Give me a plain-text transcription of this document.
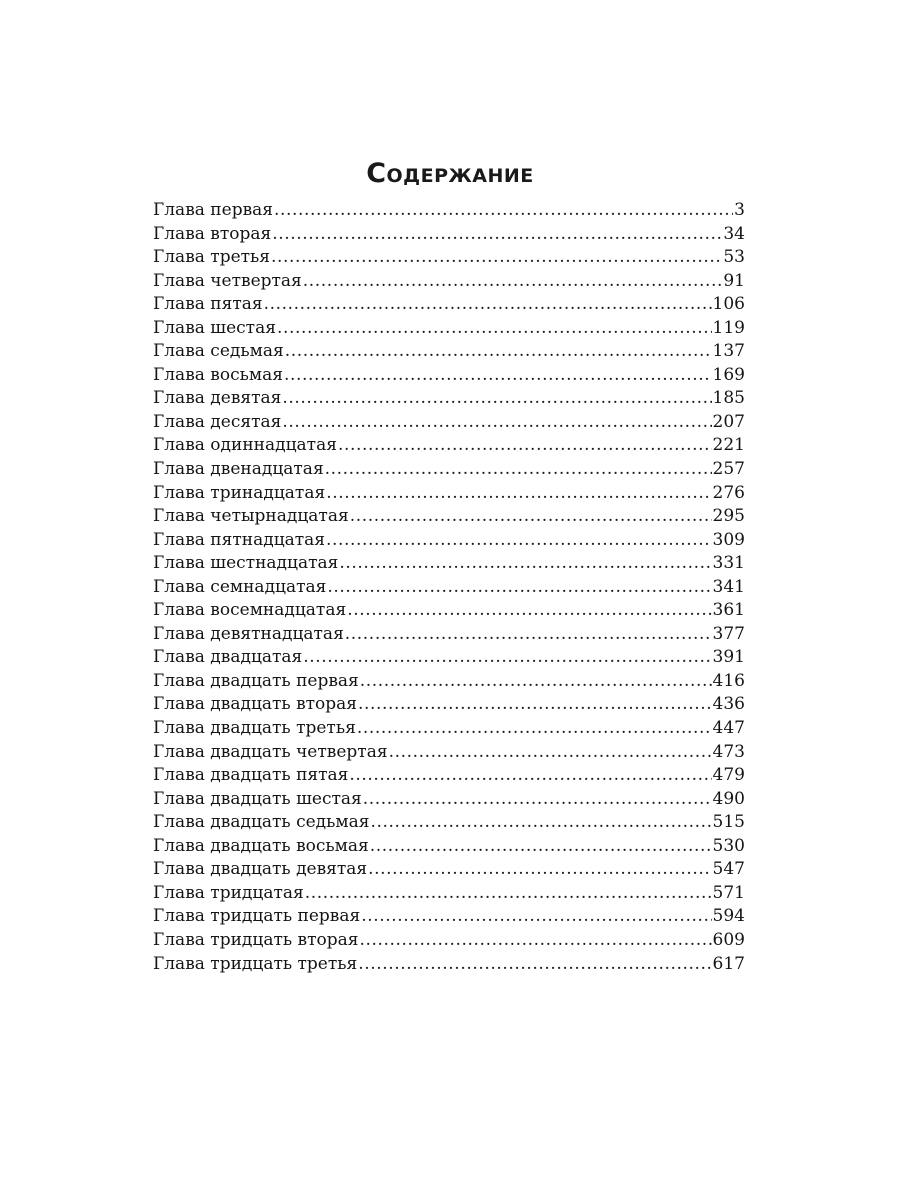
Содержание
Глава первая .....	3
Глава вторая .....	34
Глава третья .....	53
Глава четвертая .....	91
Глава пятая .....	106
Глава шестая .....	119
Глава седьмая .....	137
Глава восьмая .....	169
Глава девятая .....	185
Глава десятая .....	207
Глава одиннадцатая .....	221
Глава двенадцатая .....	257
Глава тринадцатая .....	276
Глава четырнадцатая .....	295
Глава пятнадцатая .....	309
Глава шестнадцатая .....	331
Глава семнадцатая .....	341
Глава восемнадцатая .....	361
Глава девятнадцатая .....	377
Глава двадцатая .....	391
Глава двадцать первая .....	416
Глава двадцать вторая .....	436
Глава двадцать третья .....	447
Глава двадцать четвертая .....	473
Глава двадцать пятая .....	479
Глава двадцать шестая .....	490
Глава двадцать седьмая .....	515
Глава двадцать восьмая .....	530
Глава двадцать девятая .....	547
Глава тридцатая .....	571
Глава тридцать первая .....	594
Глава тридцать вторая .....	609
Глава тридцать третья .....	617
